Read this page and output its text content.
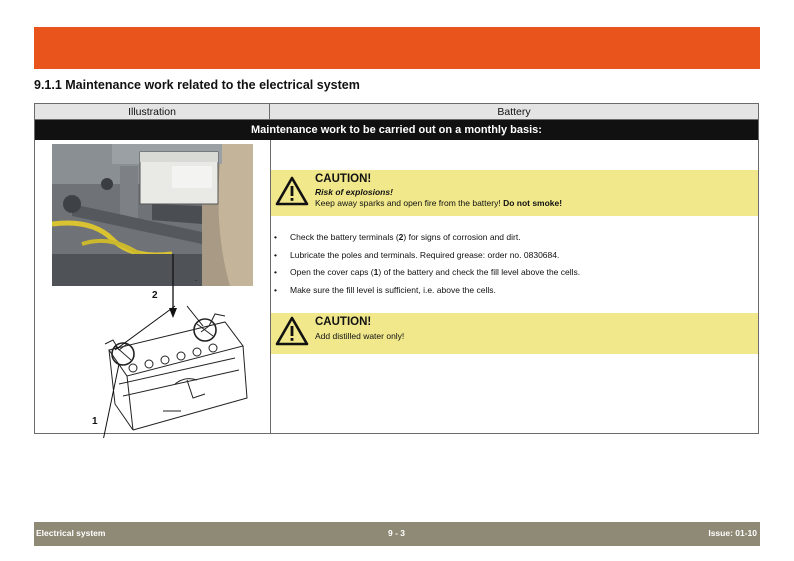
9.1.1 Maintenance work related to the electrical system
Illustration	Battery
Maintenance work to be carried out on a monthly basis:
2
1
CAUTION!
Risk of explosions!
Keep away sparks and open fire from the battery! Do not smoke!
• Check the battery terminals (2) for signs of corrosion and dirt.
• Lubricate the poles and terminals. Required grease: order no. 0830684.
• Open the cover caps (1) of the battery and check the fill level above the cells.
• Make sure the fill level is sufficient, i.e. above the cells.
CAUTION!
Add distilled water only!
Electrical system	9 - 3	Issue: 01-10
